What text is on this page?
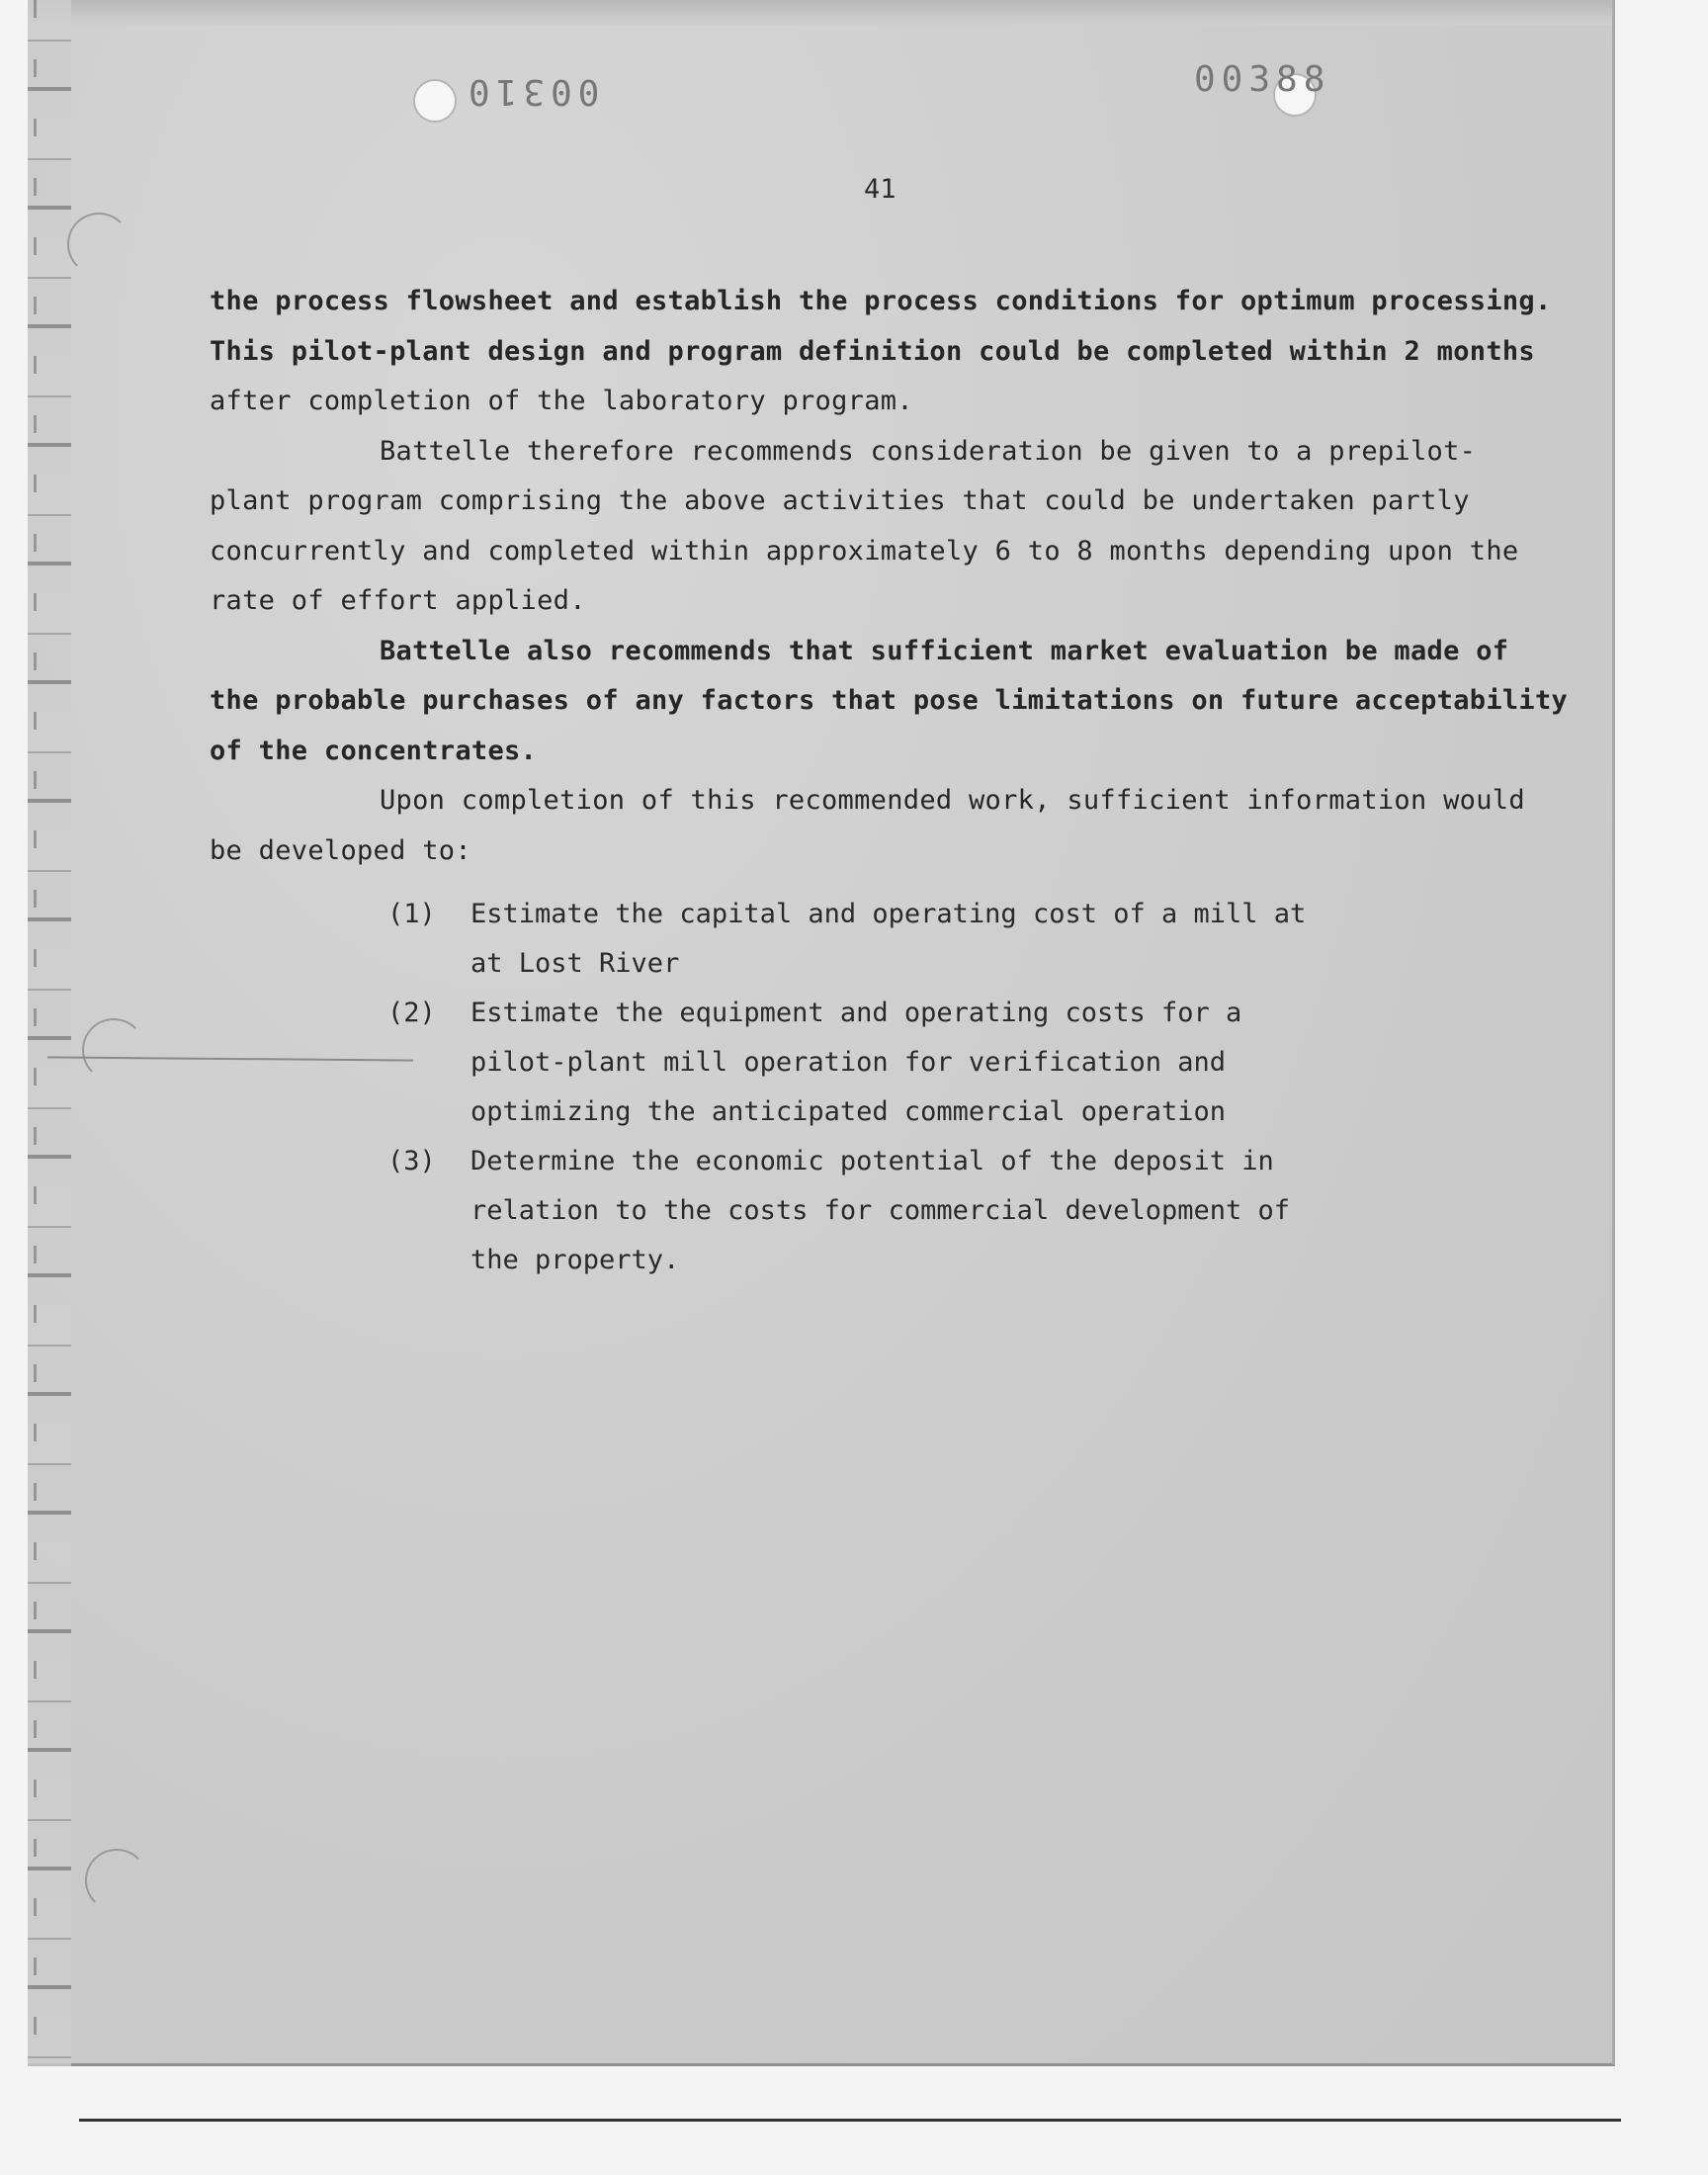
00310	00388
41
the process flowsheet and establish the process conditions for optimum processing.
This pilot-plant design and program definition could be completed within 2 months
after completion of the laboratory program.
Battelle therefore recommends consideration be given to a prepilot-
plant program comprising the above activities that could be undertaken partly
concurrently and completed within approximately 6 to 8 months depending upon the
rate of effort applied.
Battelle also recommends that sufficient market evaluation be made of
the probable purchases of any factors that pose limitations on future acceptability
of the concentrates.
Upon completion of this recommended work, sufficient information would
be developed to:
(1)	Estimate the capital and operating cost of a mill at
at Lost River
(2)	Estimate the equipment and operating costs for a
pilot-plant mill operation for verification and
optimizing the anticipated commercial operation
(3)	Determine the economic potential of the deposit in
relation to the costs for commercial development of
the property.
